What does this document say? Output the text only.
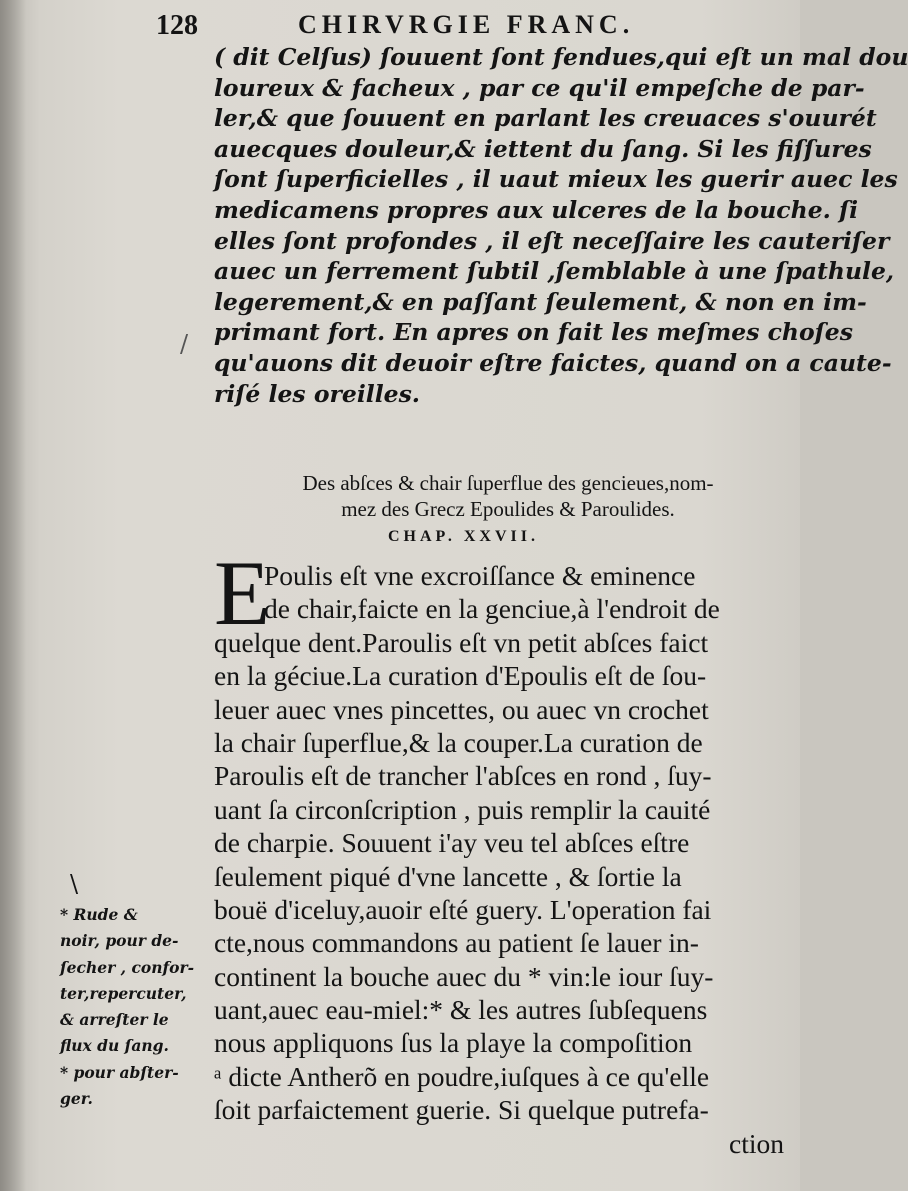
128	CHIRVRGIE FRANC.
( dit Celſus) ſouuent ſont fendues,qui eſt un mal dou
loureux & facheux , par ce qu'il empeſche de par-
ler,& que ſouuent en parlant les creuaces s'ouurét
auecques douleur,& iettent du ſang. Si les fiſſures
ſont ſuperficielles , il uaut mieux les guerir auec les
medicamens propres aux ulceres de la bouche. ſi
elles ſont profondes , il eſt neceſſaire les cauteriſer
auec un ferrement ſubtil ,ſemblable à une ſpathule,
legerement,& en paſſant ſeulement, & non en im-
primant fort. En apres on fait les meſmes choſes
qu'auons dit deuoir eſtre faictes, quand on a caute-
riſé les oreilles.
/
Des abſces & chair ſuperflue des gencieues,nom-
mez des Grecz Epoulides & Paroulides.
CHAP. XXVII.
E
Poulis eſt vne excroiſſance & eminence
de chair,faicte en la genciue,à l'endroit de
quelque dent.Paroulis eſt vn petit abſces faict
en la géciue.La curation d'Epoulis eſt de ſou-
leuer auec vnes pincettes, ou auec vn crochet
la chair ſuperflue,& la couper.La curation de
Paroulis eſt de trancher l'abſces en rond , ſuy-
uant ſa circonſcription , puis remplir la cauité
de charpie. Souuent i'ay veu tel abſces eſtre
ſeulement piqué d'vne lancette , & ſortie la
bouë d'iceluy,auoir eſté guery. L'operation fai
cte,nous commandons au patient ſe lauer in-
continent la bouche auec du * vin:le iour ſuy-
uant,auec eau-miel:* & les autres ſubſequens
nous appliquons ſus la playe la compoſition
ᵃ dicte Antherõ en poudre,iuſques à ce qu'elle
ſoit parfaictement guerie. Si quelque putrefa-
ction
\
* Rude &
noir, pour de-
ſecher , confor-
ter,repercuter,
& arreſter le
flux du ſang.
* pour abſter-
ger.
